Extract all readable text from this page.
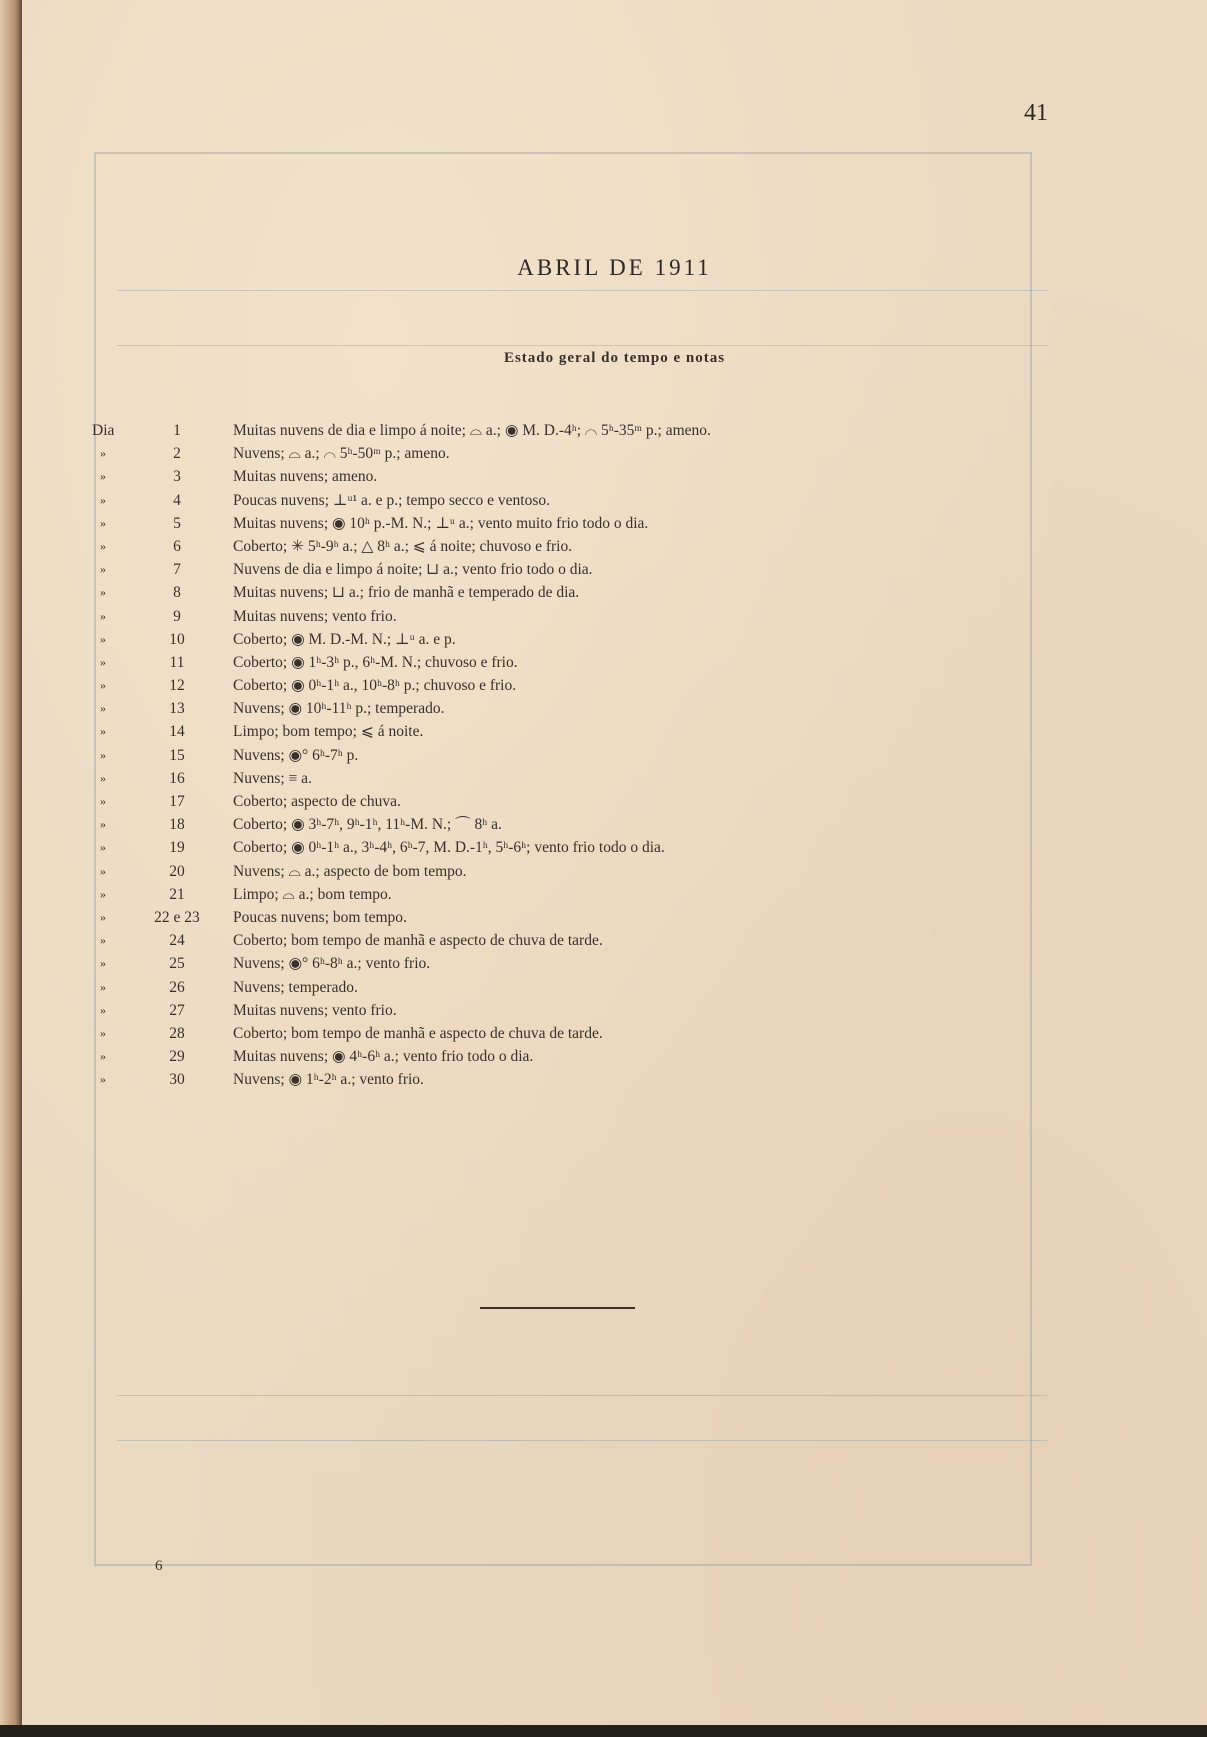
41
ABRIL DE 1911
Estado geral do tempo e notas
Dia	1	Muitas nuvens de dia e limpo á noite; ⌓ a.; ◉ M. D.-4ʰ; ⌒ 5ʰ-35ᵐ p.; ameno.
»	2	Nuvens; ⌓ a.; ⌒ 5ʰ-50ᵐ p.; ameno.
»	3	Muitas nuvens; ameno.
»	4	Poucas nuvens; ⊥ᵘ¹ a. e p.; tempo secco e ventoso.
»	5	Muitas nuvens; ◉ 10ʰ p.-M. N.; ⊥ᵘ a.; vento muito frio todo o dia.
»	6	Coberto; ✳ 5ʰ-9ʰ a.; △ 8ʰ a.; ⩽ á noite; chuvoso e frio.
»	7	Nuvens de dia e limpo á noite; ⊔ a.; vento frio todo o dia.
»	8	Muitas nuvens; ⊔ a.; frio de manhã e temperado de dia.
»	9	Muitas nuvens; vento frio.
»	10	Coberto; ◉ M. D.-M. N.; ⊥ᵘ a. e p.
»	11	Coberto; ◉ 1ʰ-3ʰ p., 6ʰ-M. N.; chuvoso e frio.
»	12	Coberto; ◉ 0ʰ-1ʰ a., 10ʰ-8ʰ p.; chuvoso e frio.
»	13	Nuvens; ◉ 10ʰ-11ʰ p.; temperado.
»	14	Limpo; bom tempo; ⩽ á noite.
»	15	Nuvens; ◉° 6ʰ-7ʰ p.
»	16	Nuvens; ≡ a.
»	17	Coberto; aspecto de chuva.
»	18	Coberto; ◉ 3ʰ-7ʰ, 9ʰ-1ʰ, 11ʰ-M. N.; ⌒ 8ʰ a.
»	19	Coberto; ◉ 0ʰ-1ʰ a., 3ʰ-4ʰ, 6ʰ-7, M. D.-1ʰ, 5ʰ-6ʰ; vento frio todo o dia.
»	20	Nuvens; ⌓ a.; aspecto de bom tempo.
»	21	Limpo; ⌓ a.; bom tempo.
»	22 e 23	Poucas nuvens; bom tempo.
»	24	Coberto; bom tempo de manhã e aspecto de chuva de tarde.
»	25	Nuvens; ◉° 6ʰ-8ʰ a.; vento frio.
»	26	Nuvens; temperado.
»	27	Muitas nuvens; vento frio.
»	28	Coberto; bom tempo de manhã e aspecto de chuva de tarde.
»	29	Muitas nuvens; ◉ 4ʰ-6ʰ a.; vento frio todo o dia.
»	30	Nuvens; ◉ 1ʰ-2ʰ a.; vento frio.
6
